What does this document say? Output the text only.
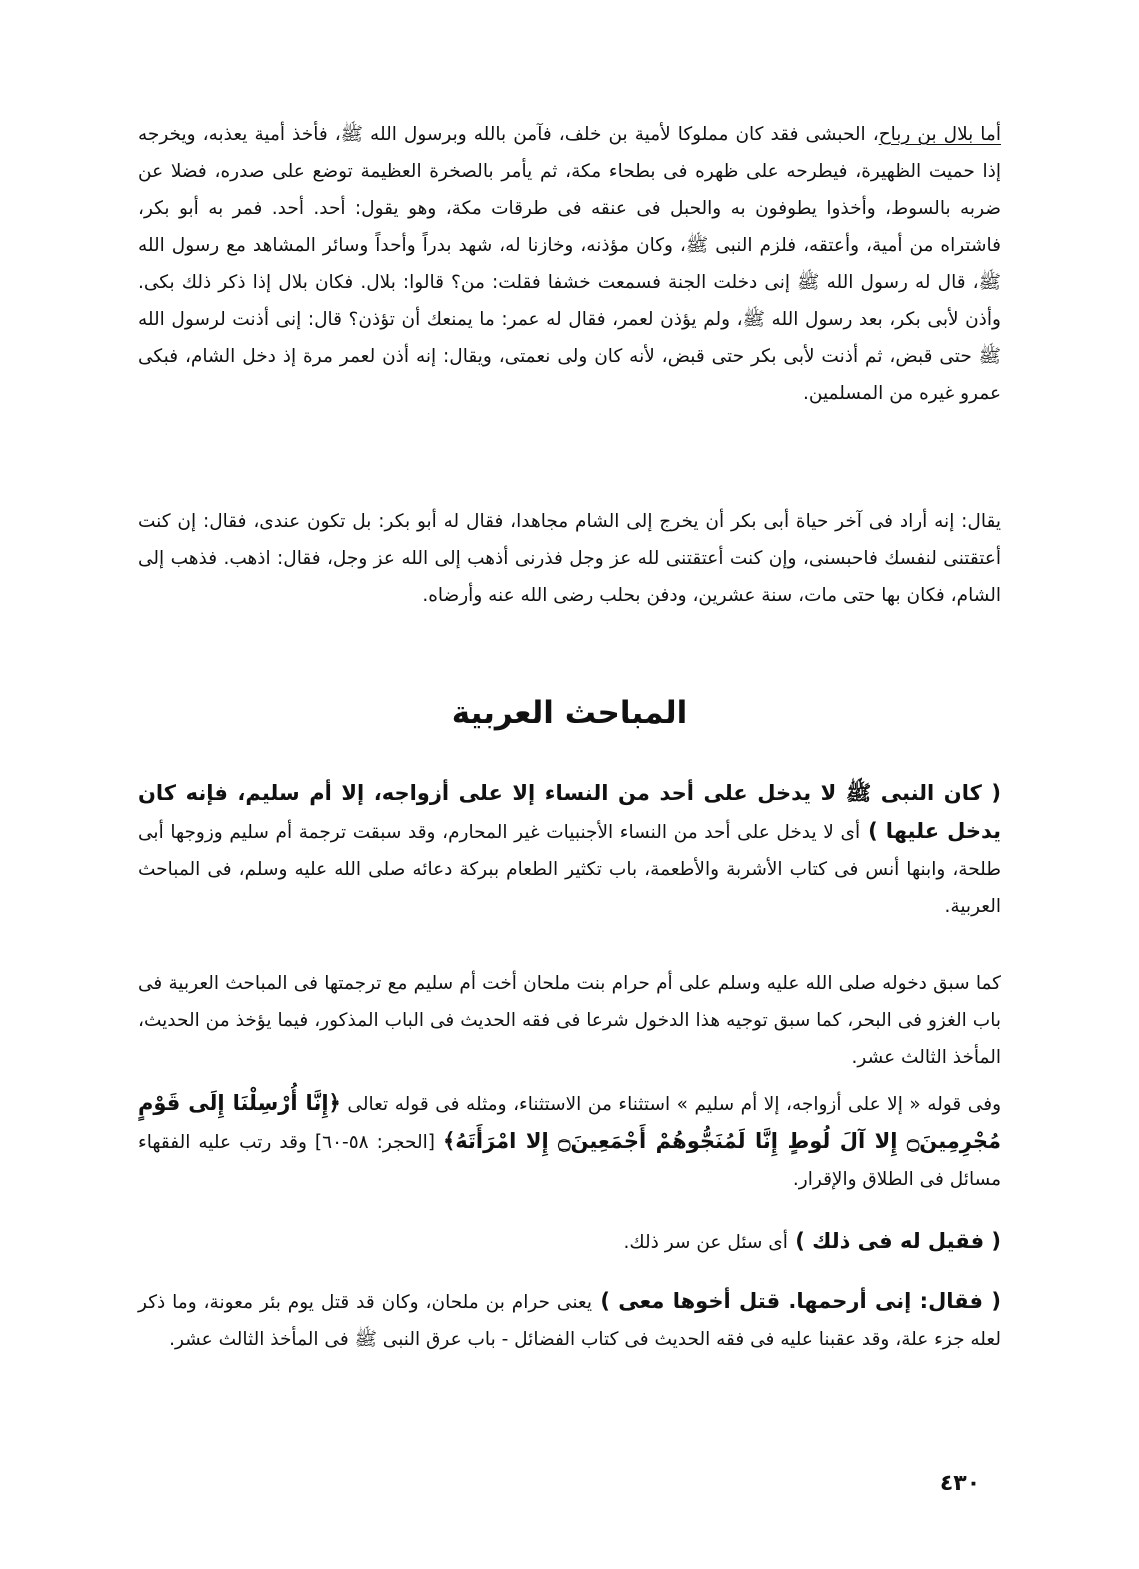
أما بلال بن رباح، الحبشى فقد كان مملوكا لأمية بن خلف، فآمن بالله وبرسول الله ﷺ، فأخذ أمية يعذبه، ويخرجه إذا حميت الظهيرة، فيطرحه على ظهره فى بطحاء مكة، ثم يأمر بالصخرة العظيمة توضع على صدره، فضلا عن ضربه بالسوط، وأخذوا يطوفون به والحبل فى عنقه فى طرقات مكة، وهو يقول: أحد. أحد. فمر به أبو بكر، فاشتراه من أمية، وأعتقه، فلزم النبى ﷺ، وكان مؤذنه، وخازنا له، شهد بدراً وأحداً وسائر المشاهد مع رسول الله ﷺ، قال له رسول الله ﷺ إنى دخلت الجنة فسمعت خشفا فقلت: من؟ قالوا: بلال. فكان بلال إذا ذكر ذلك بكى. وأذن لأبى بكر، بعد رسول الله ﷺ، ولم يؤذن لعمر، فقال له عمر: ما يمنعك أن تؤذن؟ قال: إنى أذنت لرسول الله ﷺ حتى قبض، ثم أذنت لأبى بكر حتى قبض، لأنه كان ولى نعمتى، ويقال: إنه أذن لعمر مرة إذ دخل الشام، فبكى عمرو غيره من المسلمين.
يقال: إنه أراد فى آخر حياة أبى بكر أن يخرج إلى الشام مجاهدا، فقال له أبو بكر: بل تكون عندى، فقال: إن كنت أعتقتنى لنفسك فاحبسنى، وإن كنت أعتقتنى لله عز وجل فذرنى أذهب إلى الله عز وجل، فقال: اذهب. فذهب إلى الشام، فكان بها حتى مات، سنة عشرين، ودفن بحلب رضى الله عنه وأرضاه.
المباحث العربية
( كان النبى ﷺ لا يدخل على أحد من النساء إلا على أزواجه، إلا أم سليم، فإنه كان يدخل عليها ) أى لا يدخل على أحد من النساء الأجنبيات غير المحارم، وقد سبقت ترجمة أم سليم وزوجها أبى طلحة، وابنها أنس فى كتاب الأشربة والأطعمة، باب تكثير الطعام ببركة دعائه صلى الله عليه وسلم، فى المباحث العربية.
كما سبق دخوله صلى الله عليه وسلم على أم حرام بنت ملحان أخت أم سليم مع ترجمتها فى المباحث العربية فى باب الغزو فى البحر، كما سبق توجيه هذا الدخول شرعا فى فقه الحديث فى الباب المذكور، فيما يؤخذ من الحديث، المأخذ الثالث عشر.
وفى قوله « إلا على أزواجه، إلا أم سليم » استثناء من الاستثناء، ومثله فى قوله تعالى ﴿إِنَّا أُرْسِلْنَا إِلَى قَوْمٍ مُجْرِمِينَ۝ إِلا آلَ لُوطٍ إِنَّا لَمُنَجُّوهُمْ أَجْمَعِينَ۝ إِلا امْرَأَتَهُ﴾ [الحجر: ٥٨-٦٠] وقد رتب عليه الفقهاء مسائل فى الطلاق والإقرار.
( فقيل له فى ذلك ) أى سئل عن سر ذلك.
( فقال: إنى أرحمها. قتل أخوها معى ) يعنى حرام بن ملحان، وكان قد قتل يوم بئر معونة، وما ذكر لعله جزء علة، وقد عقبنا عليه فى فقه الحديث فى كتاب الفضائل - باب عرق النبى ﷺ فى المأخذ الثالث عشر.
٤٣٠
